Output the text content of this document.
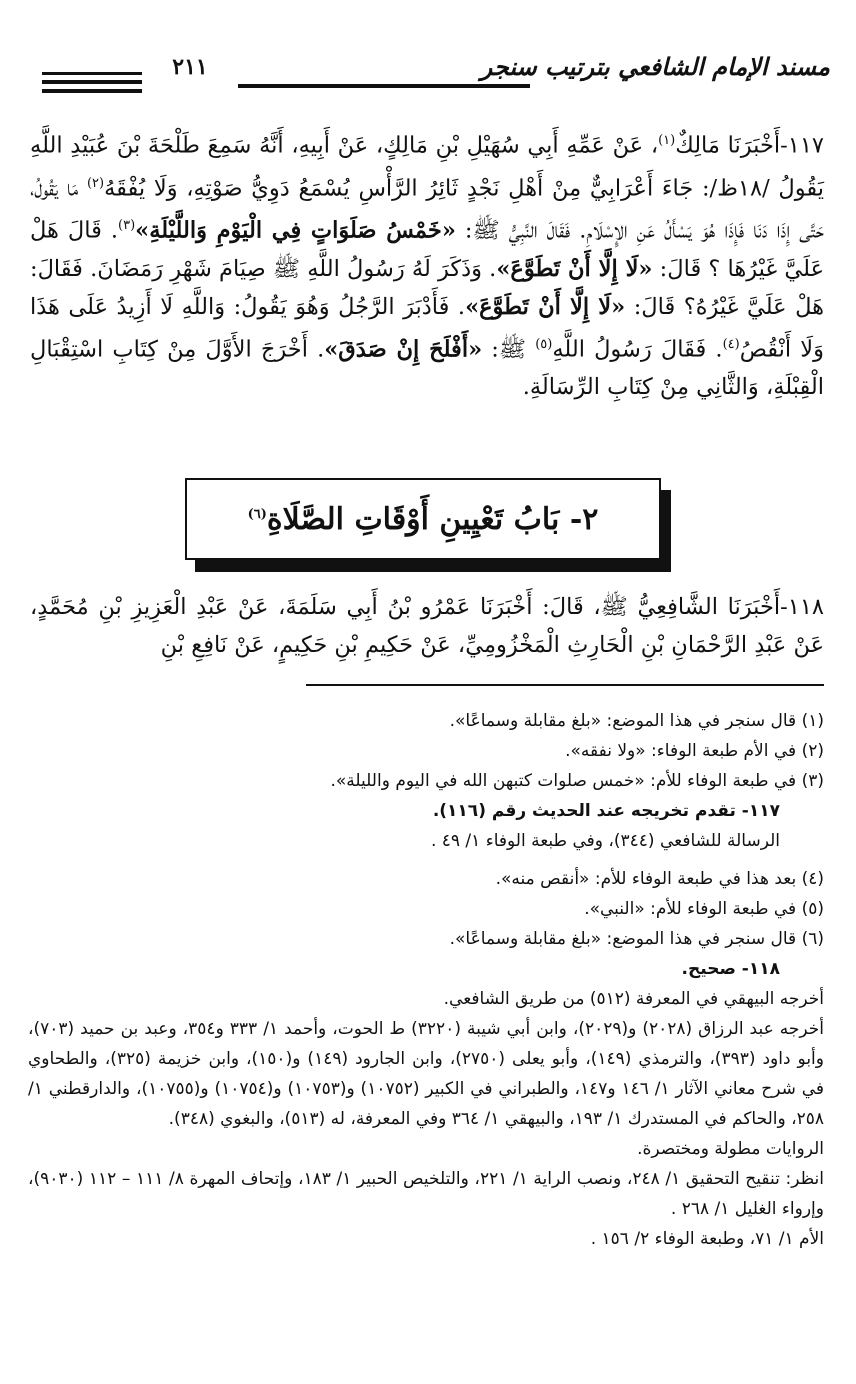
مسند الإمام الشافعي بترتيب سنجر
٢١١
١١٧-أَخْبَرَنَا مَالِكٌ$^{(١)}$، عَنْ عَمِّهِ أَبِي سُهَيْلِ بْنِ مَالِكٍ، عَنْ أَبِيهِ، أَنَّهُ سَمِعَ طَلْحَةَ بْنَ عُبَيْدِ اللَّهِ يَقُولُ /١٨ظ/: جَاءَ أَعْرَابِيٌّ مِنْ أَهْلِ نَجْدٍ ثَائِرُ الرَّأْسِ يُسْمَعُ دَوِيُّ صَوْتِهِ، وَلَا يُفْقَهُ$^{(٢)}$ مَا يَقُولُ، حَتَّى إِذَا دَنَا فَإِذَا هُوَ يَسْأَلُ عَنِ الإِسْلَامِ. فَقَالَ النَّبِيُّ ﷺ: «خَمْسُ صَلَوَاتٍ فِي الْيَوْمِ وَاللَّيْلَةِ»$^{(٣)}$. قَالَ هَلْ عَلَيَّ غَيْرُهَا ؟ قَالَ: «لَا إِلَّا أَنْ تَطَوَّعَ». وَذَكَرَ لَهُ رَسُولُ اللَّهِ ﷺ صِيَامَ شَهْرِ رَمَضَانَ. فَقَالَ: هَلْ عَلَيَّ غَيْرُهُ؟ قَالَ: «لَا إِلَّا أَنْ تَطَوَّعَ». فَأَدْبَرَ الرَّجُلُ وَهُوَ يَقُولُ: وَاللَّهِ لَا أَزِيدُ عَلَى هَذَا وَلَا أَنْقُصُ$^{(٤)}$. فَقَالَ رَسُولُ اللَّهِ$^{(٥)}$ ﷺ: «أَفْلَحَ إِنْ صَدَقَ». أَخْرَجَ الأَوَّلَ مِنْ كِتَابِ اسْتِقْبَالِ الْقِبْلَةِ، وَالثَّانِي مِنْ كِتَابِ الرِّسَالَةِ.
٢- بَابُ تَعْيِينِ أَوْقَاتِ الصَّلَاةِ$^{(٦)}$
١١٨-أَخْبَرَنَا الشَّافِعِيُّ ﷺ، قَالَ: أَخْبَرَنَا عَمْرُو بْنُ أَبِي سَلَمَةَ، عَنْ عَبْدِ الْعَزِيزِ بْنِ مُحَمَّدٍ، عَنْ عَبْدِ الرَّحْمَانِ بْنِ الْحَارِثِ الْمَخْزُومِيِّ، عَنْ حَكِيمِ بْنِ حَكِيمٍ، عَنْ نَافِعِ بْنِ

(١) قال سنجر في هذا الموضع: «بلغ مقابلة وسماعًا».

(٢) في الأم طبعة الوفاء: «ولا نفقه».

(٣) في طبعة الوفاء للأم: «خمس صلوات كتبهن الله في اليوم والليلة».

١١٧- تقدم تخريجه عند الحديث رقم (١١٦).

الرسالة للشافعي (٣٤٤)، وفي طبعة الوفاء ١/ ٤٩ .

(٤) بعد هذا في طبعة الوفاء للأم: «أنقص منه».

(٥) في طبعة الوفاء للأم: «النبي».

(٦) قال سنجر في هذا الموضع: «بلغ مقابلة وسماعًا».

١١٨- صحيح.

أخرجه البيهقي في المعرفة (٥١٢) من طريق الشافعي.

أخرجه عبد الرزاق (٢٠٢٨) و(٢٠٢٩)، وابن أبي شيبة (٣٢٢٠) ط الحوت، وأحمد ١/ ٣٣٣ و٣٥٤، وعبد بن حميد (٧٠٣)، وأبو داود (٣٩٣)، والترمذي (١٤٩)، وأبو يعلى (٢٧٥٠)، وابن الجارود (١٤٩) و(١٥٠)، وابن خزيمة (٣٢٥)، والطحاوي في شرح معاني الآثار ١/ ١٤٦ و١٤٧، والطبراني في الكبير (١٠٧٥٢) و(١٠٧٥٣) و(١٠٧٥٤) و(١٠٧٥٥)، والدارقطني ١/ ٢٥٨، والحاكم في المستدرك ١/ ١٩٣، والبيهقي ١/ ٣٦٤ وفي المعرفة، له (٥١٣)، والبغوي (٣٤٨).

الروايات مطولة ومختصرة.

انظر: تنقيح التحقيق ١/ ٢٤٨، ونصب الراية ١/ ٢٢١، والتلخيص الحبير ١/ ١٨٣، وإتحاف المهرة ٨/ ١١١ – ١١٢ (٩٠٣٠)، وإرواء الغليل ١/ ٢٦٨ .

الأم ١/ ٧١، وطبعة الوفاء ٢/ ١٥٦ .
